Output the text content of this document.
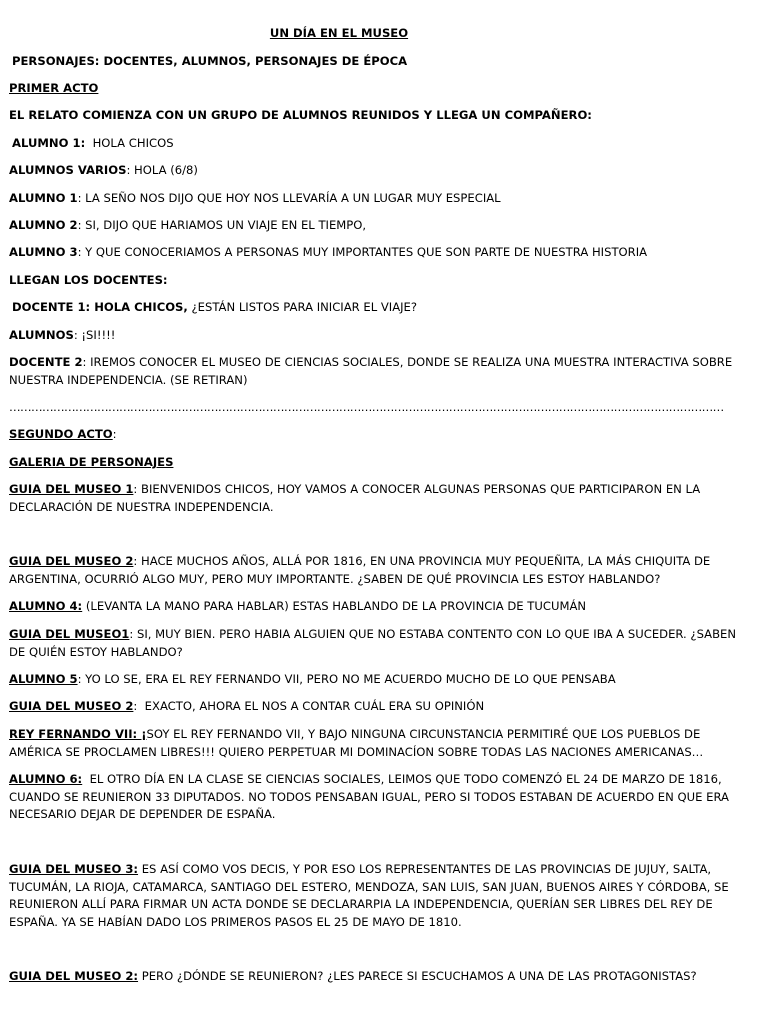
UN DÍA EN EL MUSEO
PERSONAJES: DOCENTES, ALUMNOS, PERSONAJES DE ÉPOCA
PRIMER ACTO
EL RELATO COMIENZA CON UN GRUPO DE ALUMNOS REUNIDOS Y LLEGA UN COMPAÑERO:
ALUMNO 1:  HOLA CHICOS
ALUMNOS VARIOS: HOLA (6/8)
ALUMNO 1: LA SEÑO NOS DIJO QUE HOY NOS LLEVARÍA A UN LUGAR MUY ESPECIAL
ALUMNO 2: SI, DIJO QUE HARIAMOS UN VIAJE EN EL TIEMPO,
ALUMNO 3: Y QUE CONOCERIAMOS A PERSONAS MUY IMPORTANTES QUE SON PARTE DE NUESTRA HISTORIA
LLEGAN LOS DOCENTES:
DOCENTE 1: HOLA CHICOS, ¿ESTÁN LISTOS PARA INICIAR EL VIAJE?
ALUMNOS: ¡SI!!!!
DOCENTE 2: IREMOS CONOCER EL MUSEO DE CIENCIAS SOCIALES, DONDE SE REALIZA UNA MUESTRA INTERACTIVA SOBRE NUESTRA INDEPENDENCIA. (SE RETIRAN)
……………………………………………………………………………………………………………………………………………………………………………
SEGUNDO ACTO:
GALERIA DE PERSONAJES
GUIA DEL MUSEO 1: BIENVENIDOS CHICOS, HOY VAMOS A CONOCER ALGUNAS PERSONAS QUE PARTICIPARON EN LA DECLARACIÓN DE NUESTRA INDEPENDENCIA.
GUIA DEL MUSEO 2: HACE MUCHOS AÑOS, ALLÁ POR 1816, EN UNA PROVINCIA MUY PEQUEÑITA, LA MÁS CHIQUITA DE ARGENTINA, OCURRIÓ ALGO MUY, PERO MUY IMPORTANTE. ¿SABEN DE QUÉ PROVINCIA LES ESTOY HABLANDO?
ALUMNO 4: (LEVANTA LA MANO PARA HABLAR) ESTAS HABLANDO DE LA PROVINCIA DE TUCUMÁN
GUIA DEL MUSEO1: SI, MUY BIEN. PERO HABIA ALGUIEN QUE NO ESTABA CONTENTO CON LO QUE IBA A SUCEDER. ¿SABEN DE QUIÉN ESTOY HABLANDO?
ALUMNO 5: YO LO SE, ERA EL REY FERNANDO VII, PERO NO ME ACUERDO MUCHO DE LO QUE PENSABA
GUIA DEL MUSEO 2:  EXACTO, AHORA EL NOS A CONTAR CUÁL ERA SU OPINIÓN
REY FERNANDO VII: ¡SOY EL REY FERNANDO VII, Y BAJO NINGUNA CIRCUNSTANCIA PERMITIRÉ QUE LOS PUEBLOS DE AMÉRICA SE PROCLAMEN LIBRES!!! QUIERO PERPETUAR MI DOMINACÍON SOBRE TODAS LAS NACIONES AMERICANAS…
ALUMNO 6:  EL OTRO DÍA EN LA CLASE SE CIENCIAS SOCIALES, LEIMOS QUE TODO COMENZÓ EL 24 DE MARZO DE 1816, CUANDO SE REUNIERON 33 DIPUTADOS. NO TODOS PENSABAN IGUAL, PERO SI TODOS ESTABAN DE ACUERDO EN QUE ERA NECESARIO DEJAR DE DEPENDER DE ESPAÑA.
GUIA DEL MUSEO 3: ES ASÍ COMO VOS DECIS, Y POR ESO LOS REPRESENTANTES DE LAS PROVINCIAS DE JUJUY, SALTA, TUCUMÁN, LA RIOJA, CATAMARCA, SANTIAGO DEL ESTERO, MENDOZA, SAN LUIS, SAN JUAN, BUENOS AIRES Y CÓRDOBA, SE REUNIERON ALLÍ PARA FIRMAR UN ACTA DONDE SE DECLARARPIA LA INDEPENDENCIA, QUERÍAN SER LIBRES DEL REY DE ESPAÑA. YA SE HABÍAN DADO LOS PRIMEROS PASOS EL 25 DE MAYO DE 1810.
GUIA DEL MUSEO 2: PERO ¿DÓNDE SE REUNIERON? ¿LES PARECE SI ESCUCHAMOS A UNA DE LAS PROTAGONISTAS?
